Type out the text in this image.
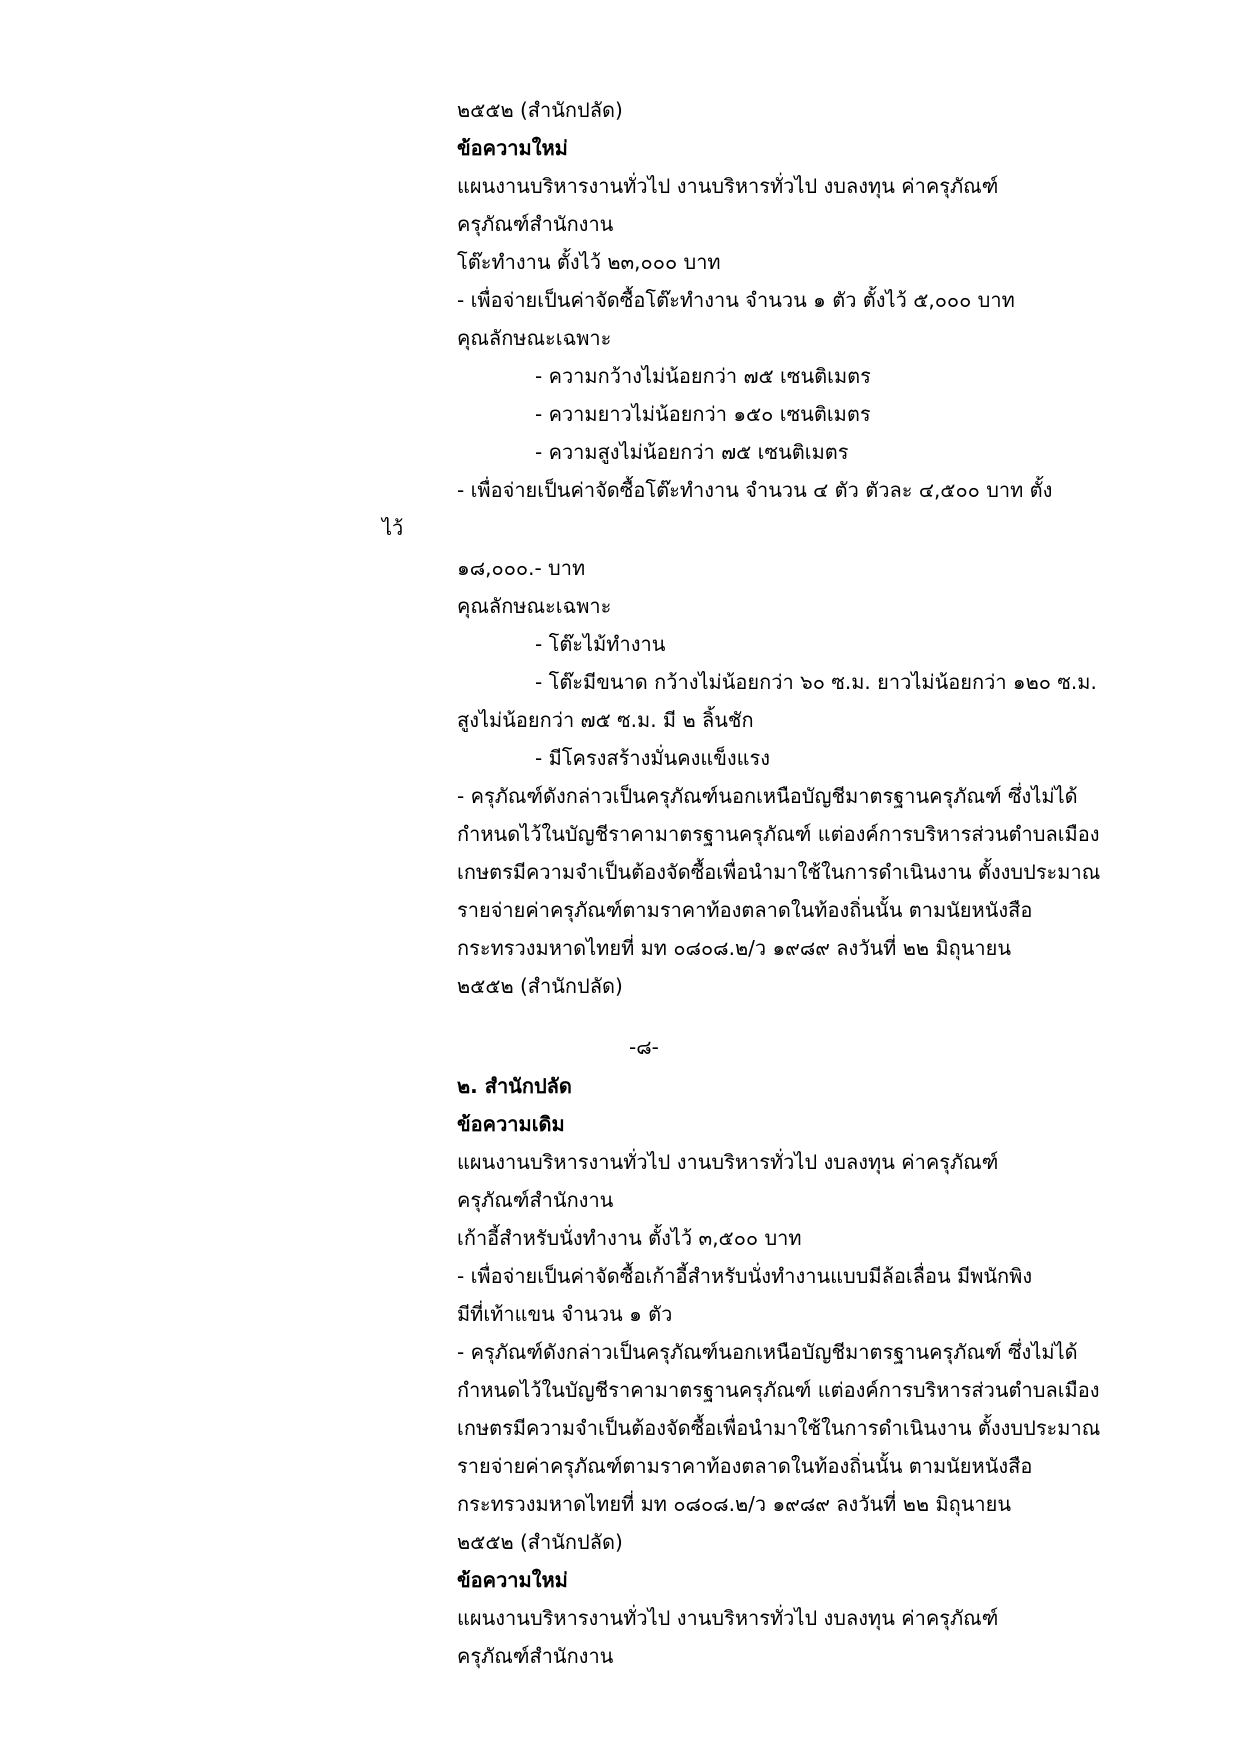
๒๕๕๒ (สำนักปลัด)
ข้อความใหม่
แผนงานบริหารงานทั่วไป งานบริหารทั่วไป งบลงทุน ค่าครุภัณฑ์
ครุภัณฑ์สำนักงาน
โต๊ะทำงาน ตั้งไว้ ๒๓,๐๐๐ บาท
- เพื่อจ่ายเป็นค่าจัดซื้อโต๊ะทำงาน จำนวน ๑ ตัว ตั้งไว้ ๕,๐๐๐ บาท
คุณลักษณะเฉพาะ
- ความกว้างไม่น้อยกว่า ๗๕ เซนติเมตร
- ความยาวไม่น้อยกว่า ๑๕๐ เซนติเมตร
- ความสูงไม่น้อยกว่า ๗๕ เซนติเมตร
- เพื่อจ่ายเป็นค่าจัดซื้อโต๊ะทำงาน จำนวน ๔ ตัว ตัวละ ๔,๕๐๐ บาท ตั้ง
ไว้
๑๘,๐๐๐.- บาท
คุณลักษณะเฉพาะ
- โต๊ะไม้ทำงาน
- โต๊ะมีขนาด กว้างไม่น้อยกว่า ๖๐ ซ.ม. ยาวไม่น้อยกว่า ๑๒๐ ซ.ม.
สูงไม่น้อยกว่า ๗๕ ซ.ม. มี ๒ ลิ้นชัก
- มีโครงสร้างมั่นคงแข็งแรง
- ครุภัณฑ์ดังกล่าวเป็นครุภัณฑ์นอกเหนือบัญชีมาตรฐานครุภัณฑ์ ซึ่งไม่ได้
กำหนดไว้ในบัญชีราคามาตรฐานครุภัณฑ์ แต่องค์การบริหารส่วนตำบลเมือง
เกษตรมีความจำเป็นต้องจัดซื้อเพื่อนำมาใช้ในการดำเนินงาน ตั้งงบประมาณ
รายจ่ายค่าครุภัณฑ์ตามราคาท้องตลาดในท้องถิ่นนั้น ตามนัยหนังสือ
กระทรวงมหาดไทยที่ มท ๐๘๐๘.๒/ว ๑๙๘๙ ลงวันที่ ๒๒ มิถุนายน
๒๕๕๒ (สำนักปลัด)
-๘-
๒. สำนักปลัด
ข้อความเดิม
แผนงานบริหารงานทั่วไป งานบริหารทั่วไป งบลงทุน ค่าครุภัณฑ์
ครุภัณฑ์สำนักงาน
เก้าอี้สำหรับนั่งทำงาน ตั้งไว้ ๓,๕๐๐ บาท
- เพื่อจ่ายเป็นค่าจัดซื้อเก้าอี้สำหรับนั่งทำงานแบบมีล้อเลื่อน มีพนักพิง
มีที่เท้าแขน จำนวน ๑ ตัว
- ครุภัณฑ์ดังกล่าวเป็นครุภัณฑ์นอกเหนือบัญชีมาตรฐานครุภัณฑ์ ซึ่งไม่ได้
กำหนดไว้ในบัญชีราคามาตรฐานครุภัณฑ์ แต่องค์การบริหารส่วนตำบลเมือง
เกษตรมีความจำเป็นต้องจัดซื้อเพื่อนำมาใช้ในการดำเนินงาน ตั้งงบประมาณ
รายจ่ายค่าครุภัณฑ์ตามราคาท้องตลาดในท้องถิ่นนั้น ตามนัยหนังสือ
กระทรวงมหาดไทยที่ มท ๐๘๐๘.๒/ว ๑๙๘๙ ลงวันที่ ๒๒ มิถุนายน
๒๕๕๒ (สำนักปลัด)
ข้อความใหม่
แผนงานบริหารงานทั่วไป งานบริหารทั่วไป งบลงทุน ค่าครุภัณฑ์
ครุภัณฑ์สำนักงาน
